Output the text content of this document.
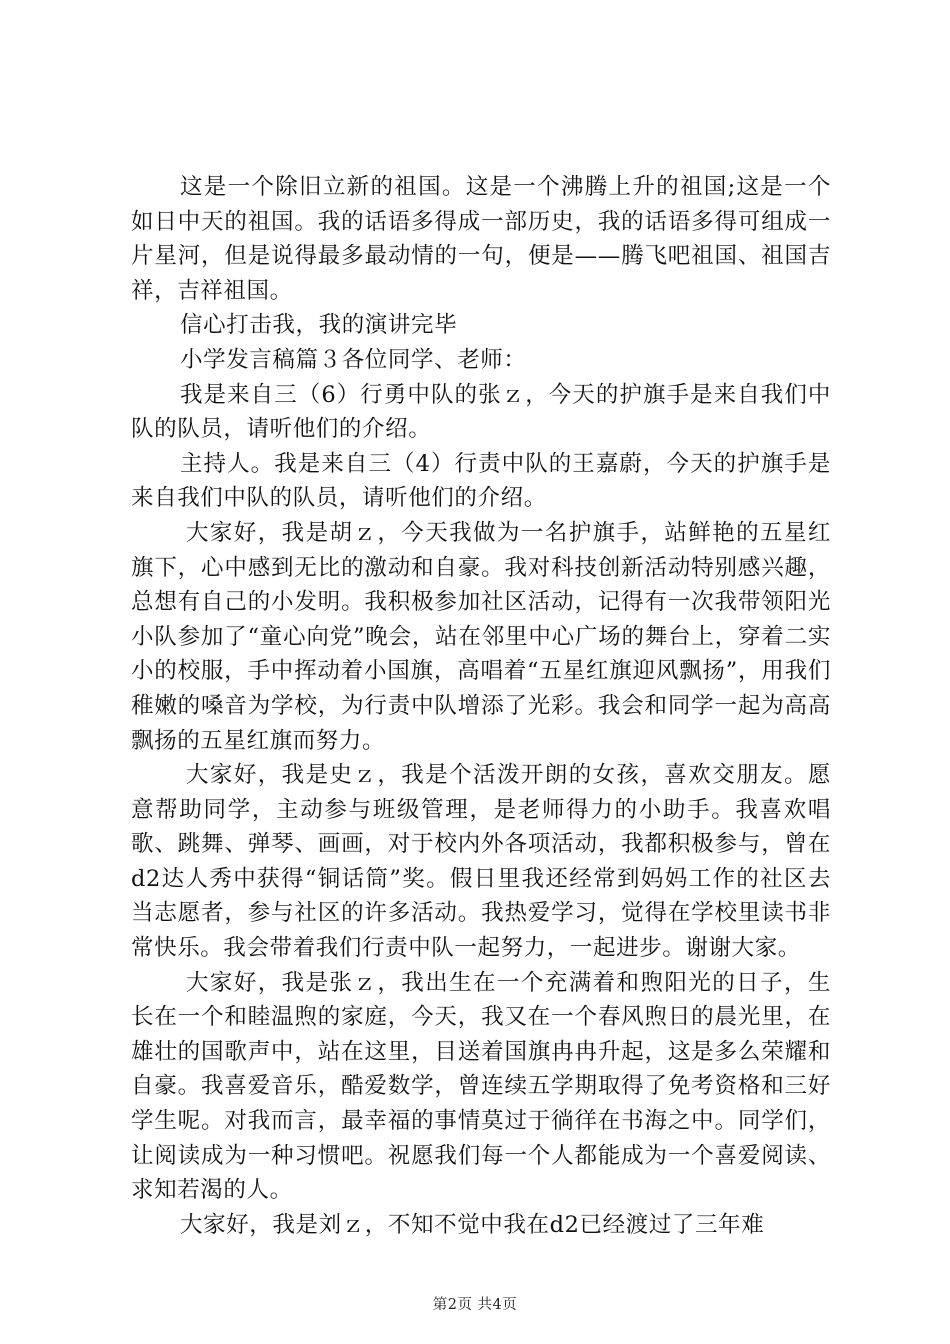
这是一个除旧立新的祖国。这是一个沸腾上升的祖国;这是一个如日中天的祖国。我的话语多得成一部历史，我的话语多得可组成一片星河，但是说得最多最动情的一句，便是——腾飞吧祖国、祖国吉祥，吉祥祖国。

信心打击我，我的演讲完毕

小学发言稿篇３各位同学、老师：

我是来自三（6）行勇中队的张ｚ，今天的护旗手是来自我们中队的队员，请听他们的介绍。

主持人。我是来自三（4）行责中队的王嘉蔚，今天的护旗手是来自我们中队的队员，请听他们的介绍。

大家好，我是胡ｚ，今天我做为一名护旗手，站鲜艳的五星红旗下，心中感到无比的激动和自豪。我对科技创新活动特别感兴趣，总想有自己的小发明。我积极参加社区活动，记得有一次我带领阳光小队参加了“童心向党”晚会，站在邻里中心广场的舞台上，穿着二实小的校服，手中挥动着小国旗，高唱着“五星红旗迎风飘扬”，用我们稚嫩的嗓音为学校，为行责中队增添了光彩。我会和同学一起为高高飘扬的五星红旗而努力。

大家好，我是史ｚ，我是个活泼开朗的女孩，喜欢交朋友。愿意帮助同学，主动参与班级管理，是老师得力的小助手。我喜欢唱歌、跳舞、弹琴、画画，对于校内外各项活动，我都积极参与，曾在d2达人秀中获得“铜话筒”奖。假日里我还经常到妈妈工作的社区去当志愿者，参与社区的许多活动。我热爱学习，觉得在学校里读书非常快乐。我会带着我们行责中队一起努力，一起进步。谢谢大家。

大家好，我是张ｚ，我出生在一个充满着和煦阳光的日子，生长在一个和睦温煦的家庭，今天，我又在一个春风煦日的晨光里，在雄壮的国歌声中，站在这里，目送着国旗冉冉升起，这是多么荣耀和自豪。我喜爱音乐，酷爱数学，曾连续五学期取得了免考资格和三好学生呢。对我而言，最幸福的事情莫过于徜徉在书海之中。同学们，让阅读成为一种习惯吧。祝愿我们每一个人都能成为一个喜爱阅读、求知若渴的人。

大家好，我是刘ｚ，不知不觉中我在d2已经渡过了三年难

第2页 共4页
